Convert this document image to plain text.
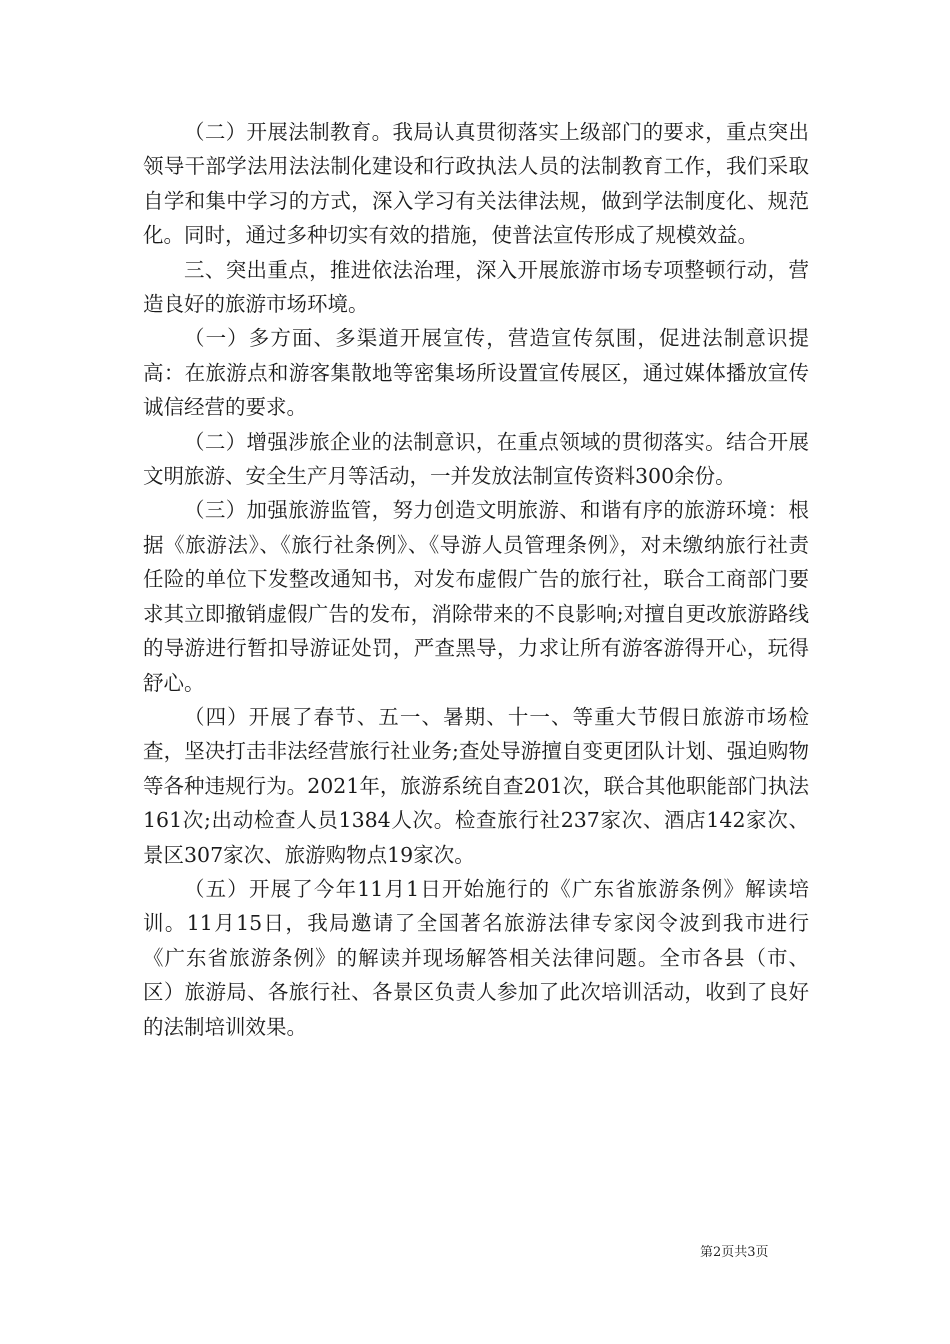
（二）开展法制教育。我局认真贯彻落实上级部门的要求，重点突出领导干部学法用法法制化建设和行政执法人员的法制教育工作，我们采取自学和集中学习的方式，深入学习有关法律法规，做到学法制度化、规范化。同时，通过多种切实有效的措施，使普法宣传形成了规模效益。

三、突出重点，推进依法治理，深入开展旅游市场专项整顿行动，营造良好的旅游市场环境。

（一）多方面、多渠道开展宣传，营造宣传氛围，促进法制意识提高：在旅游点和游客集散地等密集场所设置宣传展区，通过媒体播放宣传诚信经营的要求。

（二）增强涉旅企业的法制意识，在重点领域的贯彻落实。结合开展文明旅游、安全生产月等活动，一并发放法制宣传资料300余份。

（三）加强旅游监管，努力创造文明旅游、和谐有序的旅游环境：根据《旅游法》、《旅行社条例》、《导游人员管理条例》，对未缴纳旅行社责任险的单位下发整改通知书，对发布虚假广告的旅行社，联合工商部门要求其立即撤销虚假广告的发布，消除带来的不良影响;对擅自更改旅游路线的导游进行暂扣导游证处罚，严查黑导，力求让所有游客游得开心，玩得舒心。

（四）开展了春节、五一、暑期、十一、等重大节假日旅游市场检查，坚决打击非法经营旅行社业务;查处导游擅自变更团队计划、强迫购物等各种违规行为。2021年，旅游系统自查201次，联合其他职能部门执法161次;出动检查人员1384人次。检查旅行社237家次、酒店142家次、景区307家次、旅游购物点19家次。

（五）开展了今年11月1日开始施行的《广东省旅游条例》解读培训。11月15日，我局邀请了全国著名旅游法律专家闵令波到我市进行《广东省旅游条例》的解读并现场解答相关法律问题。全市各县（市、区）旅游局、各旅行社、各景区负责人参加了此次培训活动，收到了良好的法制培训效果。

第2页共3页
